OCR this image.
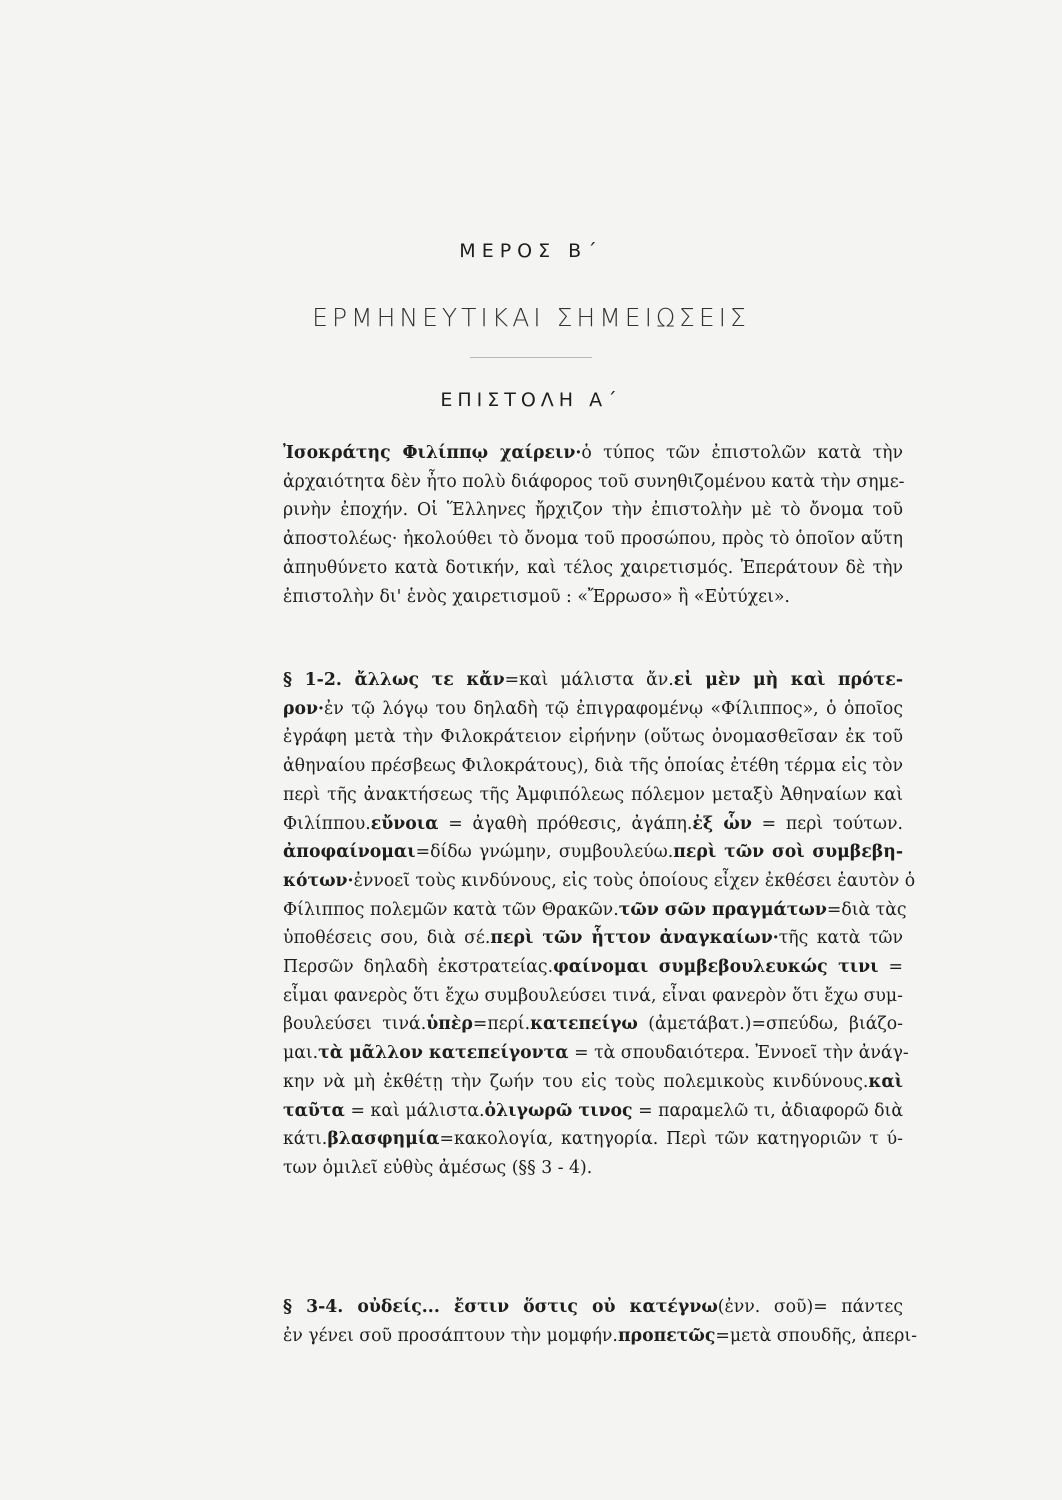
ΜΕΡΟΣ Β΄
ΕΡΜΗΝΕΥΤΙΚΑΙ ΣΗΜΕΙΩΣΕΙΣ
ΕΠΙΣΤΟΛΗ Α΄
Ἰσοκράτης Φιλίππῳ χαίρειν·ὁ τύπος τῶν ἐπιστολῶν κατὰ τὴν
ἀρχαιότητα δὲν ἦτο πολὺ διάφορος τοῦ συνηθιζομένου κατὰ τὴν σημε-
ρινὴν ἐποχήν. Οἱ Ἕλληνες ἤρχιζον τὴν ἐπιστολὴν μὲ τὸ ὄνομα τοῦ
ἀποστολέως· ἠκολούθει τὸ ὄνομα τοῦ προσώπου, πρὸς τὸ ὁποῖον αὕτη
ἀπηυθύνετο κατὰ δοτικήν, καὶ τέλος χαιρετισμός. Ἐπεράτουν δὲ τὴν
ἐπιστολὴν δι' ἑνὸς χαιρετισμοῦ : «Ἔρρωσο» ἢ «Εὐτύχει».
§ 1-2. ἄλλως τε κἄν=καὶ μάλιστα ἄν.εἰ μὲν μὴ καὶ πρότε-
ρον·ἐν τῷ λόγῳ του δηλαδὴ τῷ ἐπιγραφομένῳ «Φίλιππος», ὁ ὁποῖος
ἐγράφη μετὰ τὴν Φιλοκράτειον εἰρήνην (οὕτως ὀνομασθεῖσαν ἐκ τοῦ
ἀθηναίου πρέσβεως Φιλοκράτους), διὰ τῆς ὁποίας ἐτέθη τέρμα εἰς τὸν
περὶ τῆς ἀνακτήσεως τῆς Ἀμφιπόλεως πόλεμον μεταξὺ Ἀθηναίων καὶ
Φιλίππου.εὔνοια = ἀγαθὴ πρόθεσις, ἀγάπη.ἐξ ὧν = περὶ τούτων.
ἀποφαίνομαι=δίδω γνώμην, συμβουλεύω.περὶ τῶν σοὶ συμβεβη-
κότων·ἐννοεῖ τοὺς κινδύνους, εἰς τοὺς ὁποίους εἶχεν ἐκθέσει ἑαυτὸν ὁ
Φίλιππος πολεμῶν κατὰ τῶν Θρακῶν.τῶν σῶν πραγμάτων=διὰ τὰς
ὑποθέσεις σου, διὰ σέ.περὶ τῶν ἧττον ἀναγκαίων·τῆς κατὰ τῶν
Περσῶν δηλαδὴ ἐκστρατείας.φαίνομαι συμβεβουλευκώς τινι =
εἶμαι φανερὸς ὅτι ἔχω συμβουλεύσει τινά, εἶναι φανερὸν ὅτι ἔχω συμ-
βουλεύσει τινά.ὑπὲρ=περί.κατεπείγω (ἀμετάβατ.)=σπεύδω, βιάζο-
μαι.τὰ μᾶλλον κατεπείγοντα = τὰ σπουδαιότερα. Ἐννοεῖ τὴν ἀνάγ-
κην νὰ μὴ ἐκθέτῃ τὴν ζωήν του εἰς τοὺς πολεμικοὺς κινδύνους.καὶ
ταῦτα = καὶ μάλιστα.ὀλιγωρῶ τινος = παραμελῶ τι, ἀδιαφορῶ διὰ
κάτι.βλασφημία=κακολογία, κατηγορία. Περὶ τῶν κατηγοριῶν τ ύ-
των ὁμιλεῖ εὐθὺς ἀμέσως (§§ 3 - 4).
§ 3-4. οὐδείς... ἔστιν ὅστις οὐ κατέγνω(ἐνν. σοῦ)= πάντες
ἐν γένει σοῦ προσάπτουν τὴν μομφήν.προπετῶς=μετὰ σπουδῆς, ἀπερι-
